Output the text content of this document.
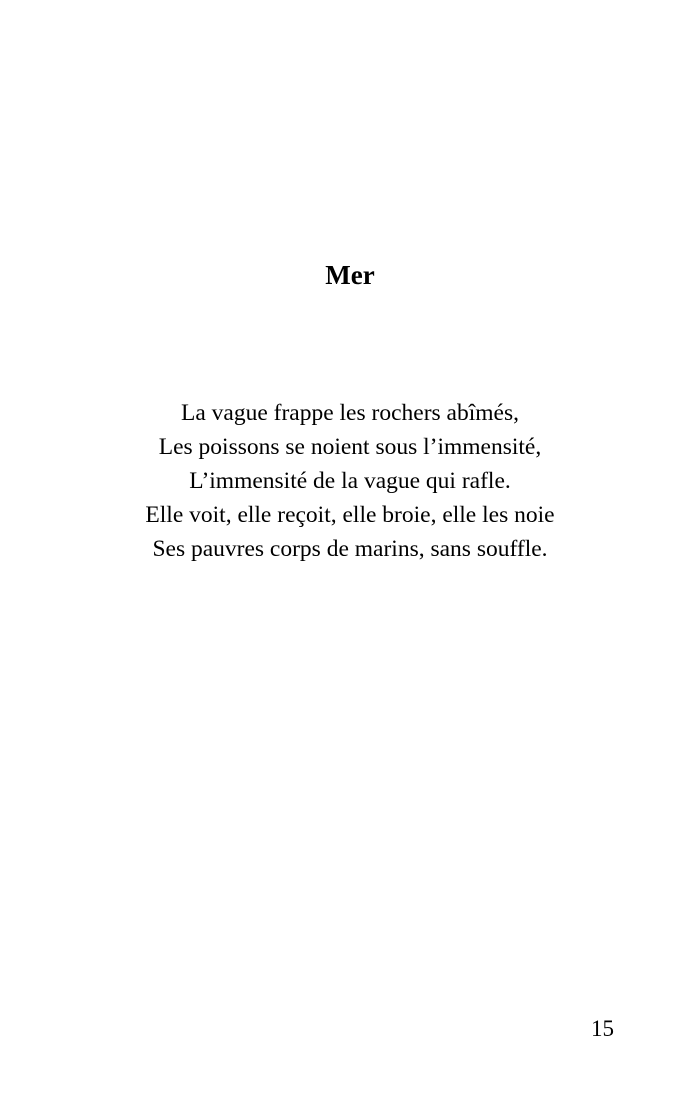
Mer
La vague frappe les rochers abîmés,
Les poissons se noient sous l’immensité,
L’immensité de la vague qui rafle.
Elle voit, elle reçoit, elle broie, elle les noie
Ses pauvres corps de marins, sans souffle.
15
